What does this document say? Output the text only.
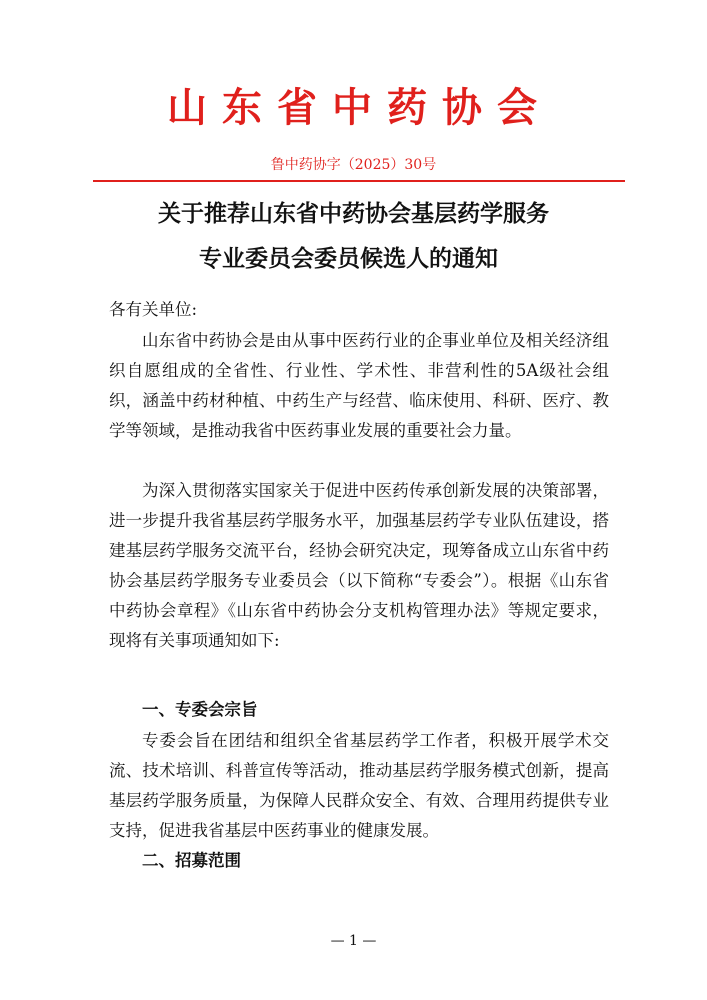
山东省中药协会
鲁中药协字（2025）30号
关于推荐山东省中药协会基层药学服务
专业委员会委员候选人的通知
各有关单位:

山东省中药协会是由从事中医药行业的企事业单位及相关经济组织自愿组成的全省性、行业性、学术性、非营利性的5A级社会组织，涵盖中药材种植、中药生产与经营、临床使用、科研、医疗、教学等领域，是推动我省中医药事业发展的重要社会力量。

为深入贯彻落实国家关于促进中医药传承创新发展的决策部署，进一步提升我省基层药学服务水平，加强基层药学专业队伍建设，搭建基层药学服务交流平台，经协会研究决定，现筹备成立山东省中药协会基层药学服务专业委员会（以下简称“专委会”）。根据《山东省中药协会章程》《山东省中药协会分支机构管理办法》等规定要求，现将有关事项通知如下:

一、专委会宗旨

专委会旨在团结和组织全省基层药学工作者，积极开展学术交流、技术培训、科普宣传等活动，推动基层药学服务模式创新，提高基层药学服务质量，为保障人民群众安全、有效、合理用药提供专业支持，促进我省基层中医药事业的健康发展。

二、招募范围
— 1 —
